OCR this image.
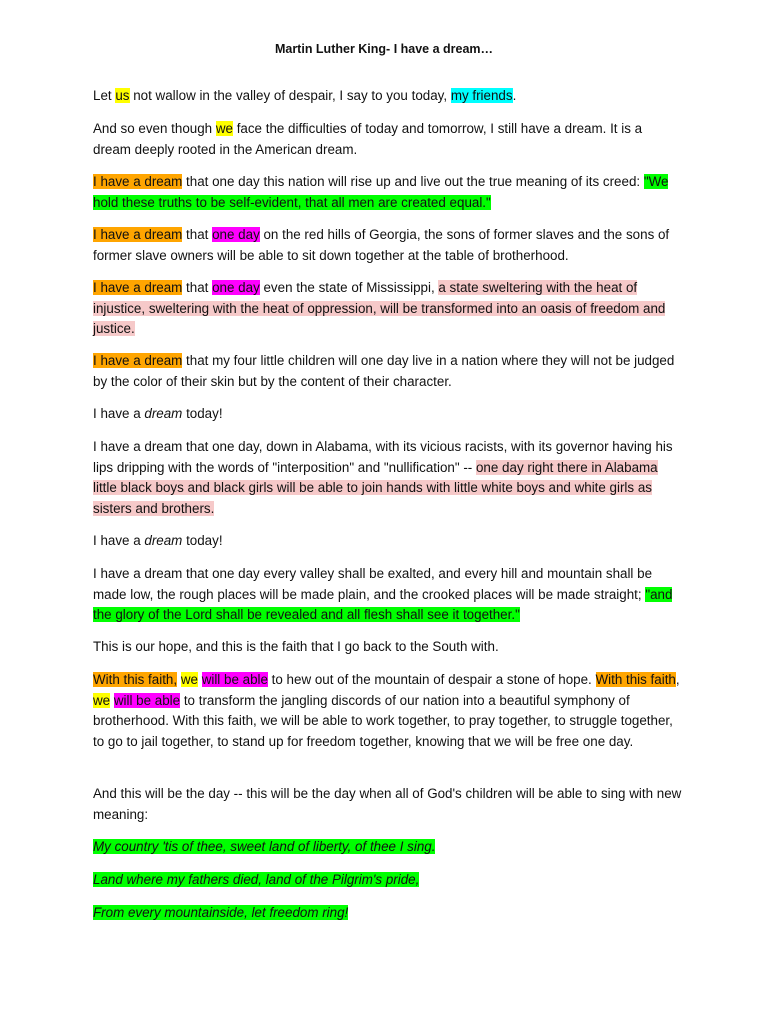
Martin Luther King- I have a dream…

Let us not wallow in the valley of despair, I say to you today, my friends.

And so even though we face the difficulties of today and tomorrow, I still have a dream. It is a dream deeply rooted in the American dream.

I have a dream that one day this nation will rise up and live out the true meaning of its creed: "We hold these truths to be self-evident, that all men are created equal."

I have a dream that one day on the red hills of Georgia, the sons of former slaves and the sons of former slave owners will be able to sit down together at the table of brotherhood.

I have a dream that one day even the state of Mississippi, a state sweltering with the heat of injustice, sweltering with the heat of oppression, will be transformed into an oasis of freedom and justice.

I have a dream that my four little children will one day live in a nation where they will not be judged by the color of their skin but by the content of their character.

I have a dream today!

I have a dream that one day, down in Alabama, with its vicious racists, with its governor having his lips dripping with the words of "interposition" and "nullification" -- one day right there in Alabama little black boys and black girls will be able to join hands with little white boys and white girls as sisters and brothers.

I have a dream today!

I have a dream that one day every valley shall be exalted, and every hill and mountain shall be made low, the rough places will be made plain, and the crooked places will be made straight; "and the glory of the Lord shall be revealed and all flesh shall see it together."

This is our hope, and this is the faith that I go back to the South with.

With this faith, we will be able to hew out of the mountain of despair a stone of hope. With this faith, we will be able to transform the jangling discords of our nation into a beautiful symphony of brotherhood. With this faith, we will be able to work together, to pray together, to struggle together, to go to jail together, to stand up for freedom together, knowing that we will be free one day.

And this will be the day -- this will be the day when all of God's children will be able to sing with new meaning:

My country 'tis of thee, sweet land of liberty, of thee I sing.

Land where my fathers died, land of the Pilgrim's pride,

From every mountainside, let freedom ring!
